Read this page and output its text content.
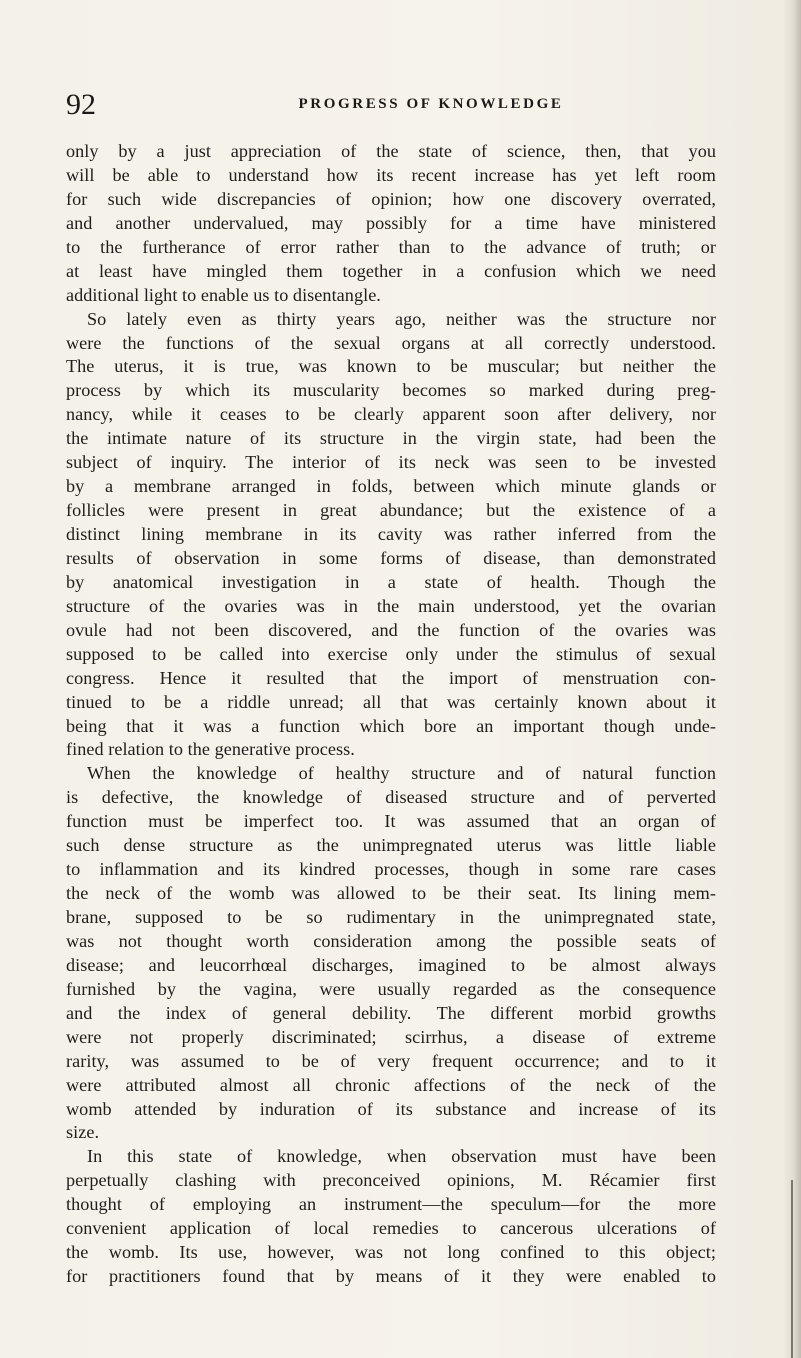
92	PROGRESS OF KNOWLEDGE
only by a just appreciation of the state of science, then, that you
will be able to understand how its recent increase has yet left room
for such wide discrepancies of opinion; how one discovery overrated,
and another undervalued, may possibly for a time have ministered
to the furtherance of error rather than to the advance of truth; or
at least have mingled them together in a confusion which we need
additional light to enable us to disentangle.
So lately even as thirty years ago, neither was the structure nor
were the functions of the sexual organs at all correctly understood.
The uterus, it is true, was known to be muscular; but neither the
process by which its muscularity becomes so marked during preg-
nancy, while it ceases to be clearly apparent soon after delivery, nor
the intimate nature of its structure in the virgin state, had been the
subject of inquiry. The interior of its neck was seen to be invested
by a membrane arranged in folds, between which minute glands or
follicles were present in great abundance; but the existence of a
distinct lining membrane in its cavity was rather inferred from the
results of observation in some forms of disease, than demonstrated
by anatomical investigation in a state of health. Though the
structure of the ovaries was in the main understood, yet the ovarian
ovule had not been discovered, and the function of the ovaries was
supposed to be called into exercise only under the stimulus of sexual
congress. Hence it resulted that the import of menstruation con-
tinued to be a riddle unread; all that was certainly known about it
being that it was a function which bore an important though unde-
fined relation to the generative process.
When the knowledge of healthy structure and of natural function
is defective, the knowledge of diseased structure and of perverted
function must be imperfect too. It was assumed that an organ of
such dense structure as the unimpregnated uterus was little liable
to inflammation and its kindred processes, though in some rare cases
the neck of the womb was allowed to be their seat. Its lining mem-
brane, supposed to be so rudimentary in the unimpregnated state,
was not thought worth consideration among the possible seats of
disease; and leucorrhœal discharges, imagined to be almost always
furnished by the vagina, were usually regarded as the consequence
and the index of general debility. The different morbid growths
were not properly discriminated; scirrhus, a disease of extreme
rarity, was assumed to be of very frequent occurrence; and to it
were attributed almost all chronic affections of the neck of the
womb attended by induration of its substance and increase of its
size.
In this state of knowledge, when observation must have been
perpetually clashing with preconceived opinions, M. Récamier first
thought of employing an instrument—the speculum—for the more
convenient application of local remedies to cancerous ulcerations of
the womb. Its use, however, was not long confined to this object;
for practitioners found that by means of it they were enabled to
